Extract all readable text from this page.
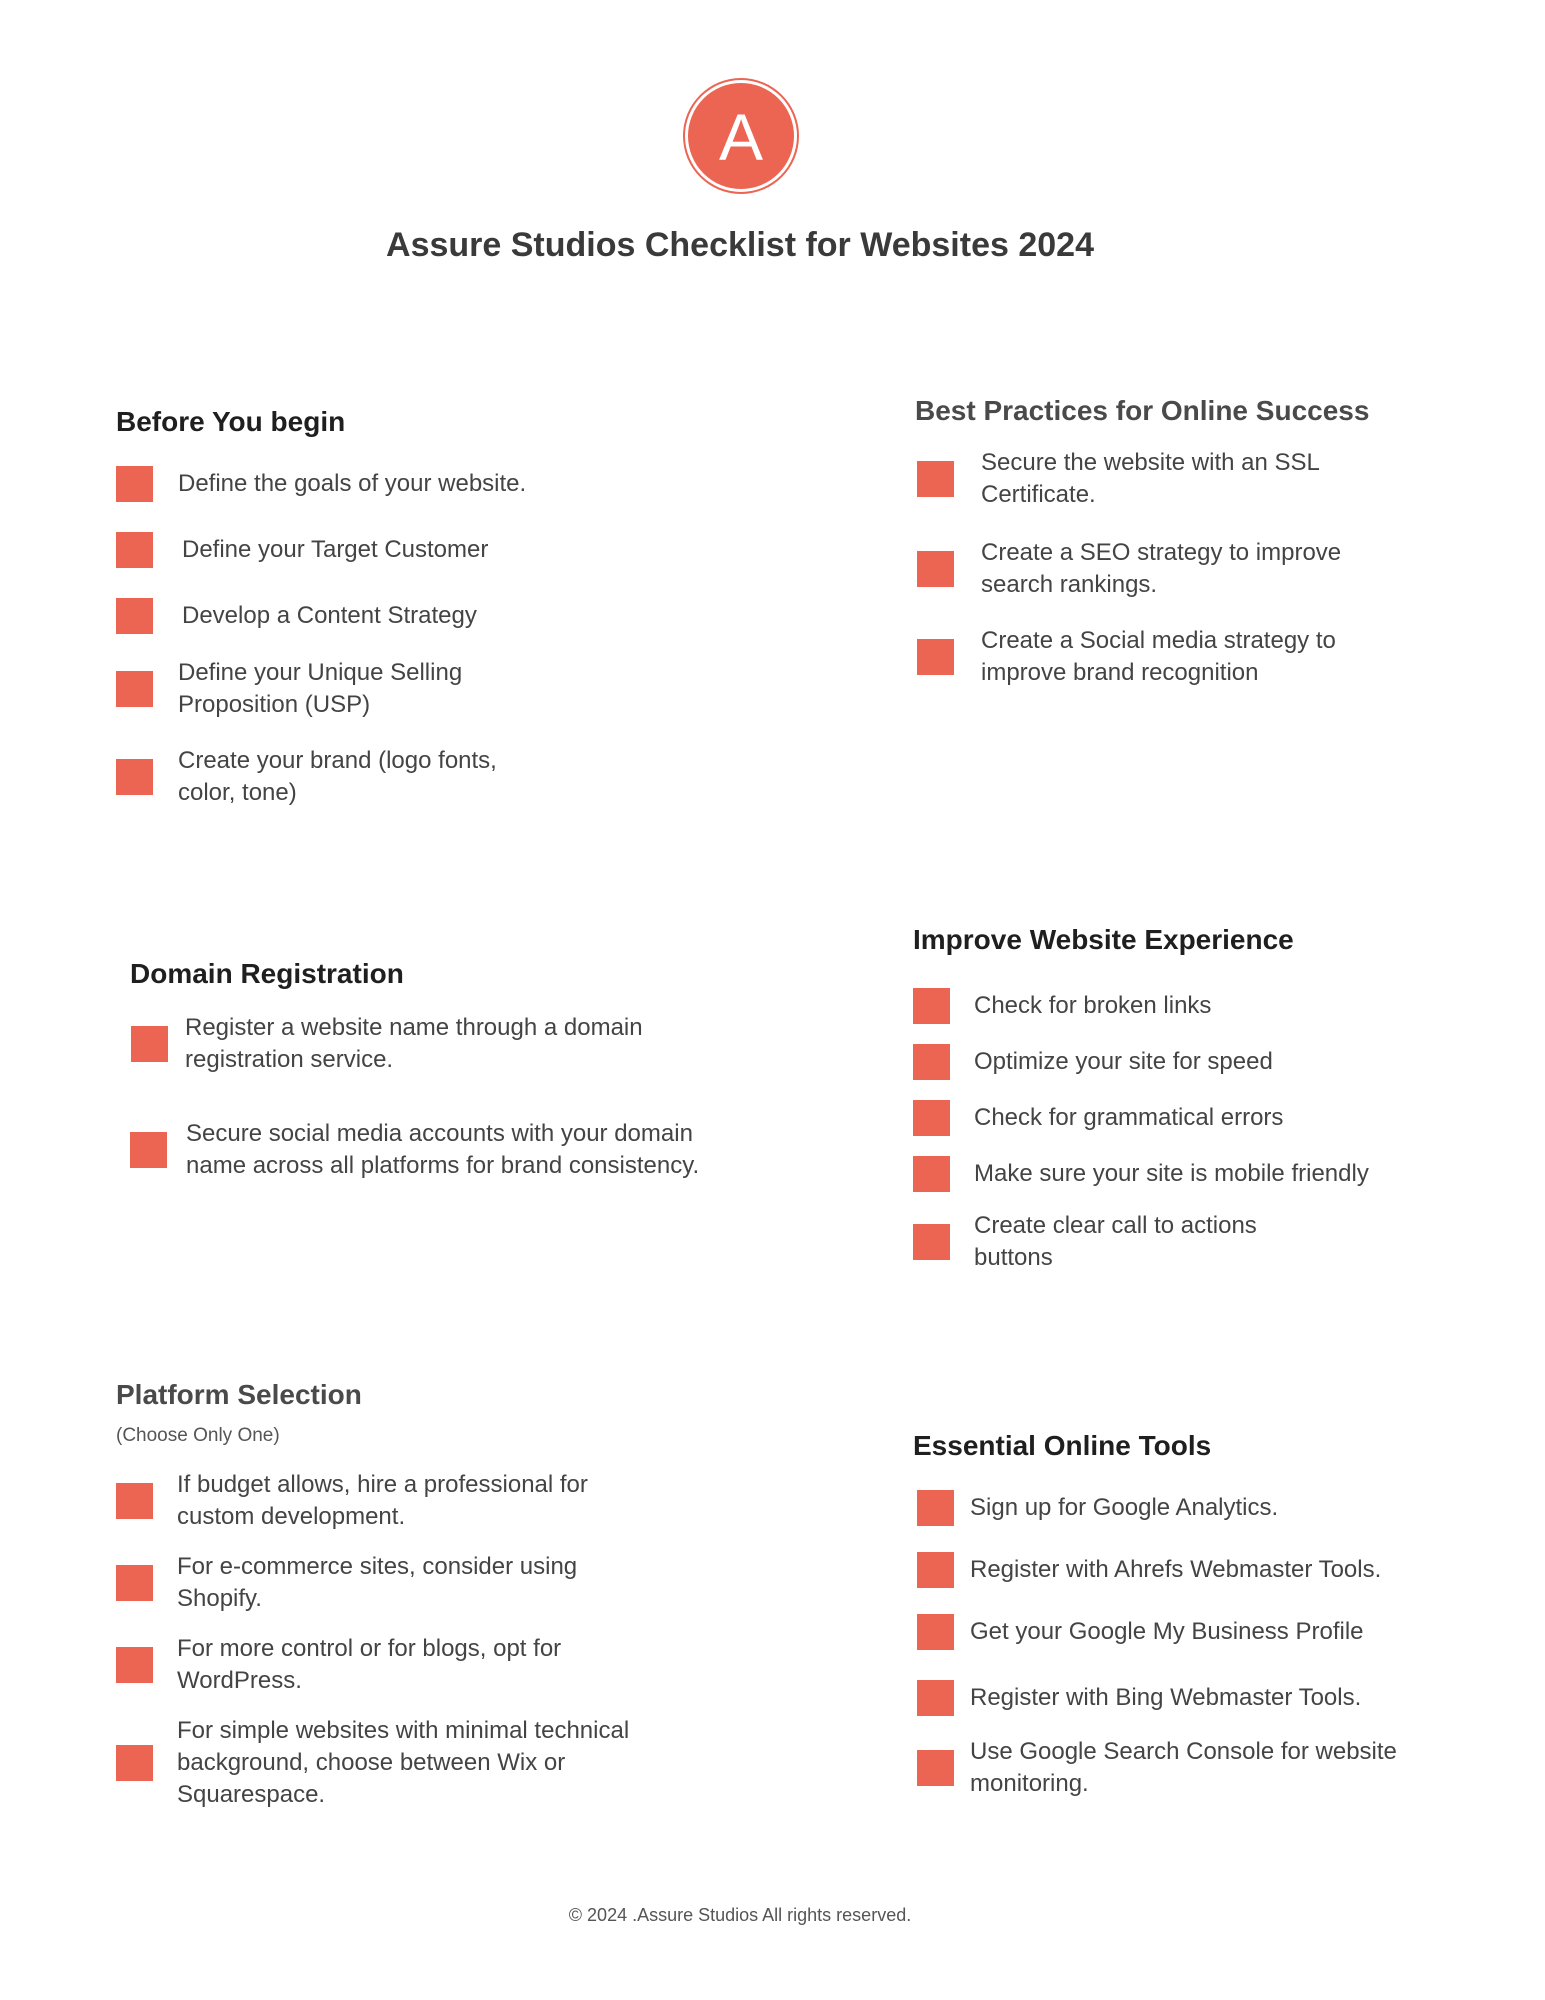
A
Assure Studios Checklist for Websites 2024
Before You begin
Define the goals of your website.
Define your Target Customer
Develop a Content Strategy
Define your Unique Selling Proposition (USP)
Create your brand (logo fonts, color, tone)
Best Practices for Online Success
Secure the website with an SSL Certificate.
Create a SEO strategy to improve search rankings.
Create a Social media strategy to improve brand recognition
Domain Registration
Register a website name through a domain registration service.
Secure social media accounts with your domain name across all platforms for brand consistency.
Improve Website Experience
Check for broken links
Optimize your site for speed
Check for grammatical errors
Make sure your site is mobile friendly
Create clear call to actions buttons
Platform Selection
(Choose Only One)
If budget allows, hire a professional for custom development.
For e-commerce sites, consider using Shopify.
For more control or for blogs, opt for WordPress.
For simple websites with minimal technical background, choose between Wix or Squarespace.
Essential Online Tools
Sign up for Google Analytics.
Register with Ahrefs Webmaster Tools.
Get your Google My Business Profile
Register with Bing Webmaster Tools.
Use Google Search Console for website monitoring.
© 2024 .Assure Studios All rights reserved.
